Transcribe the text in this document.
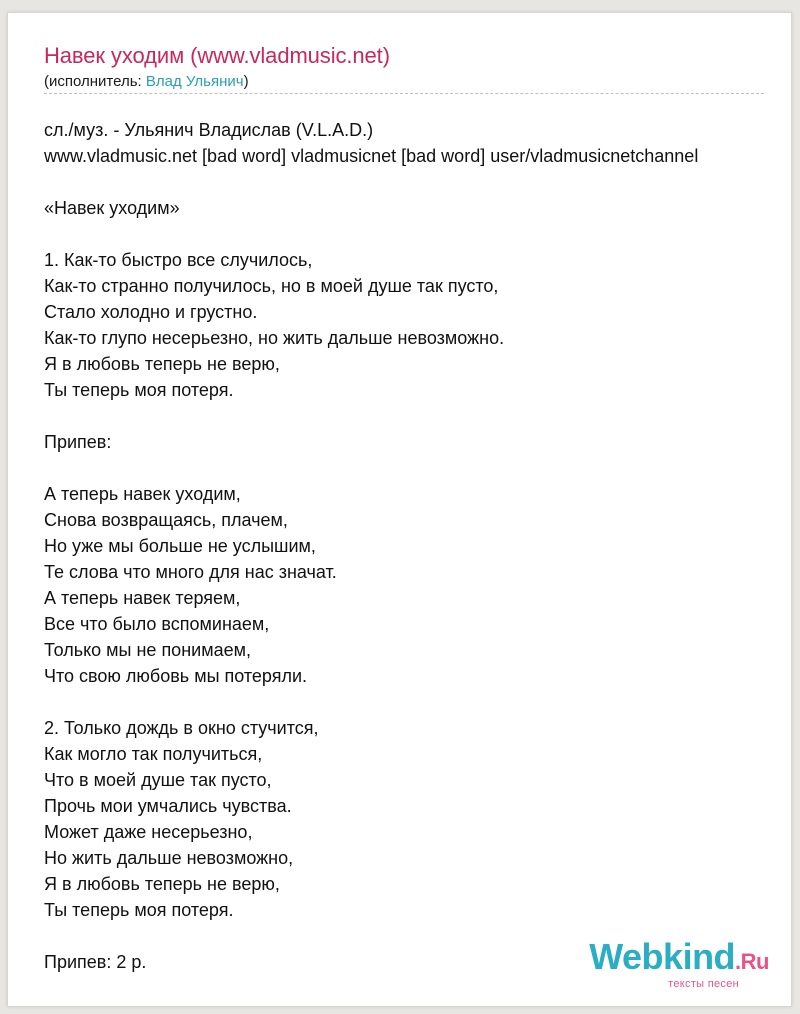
Навек уходим (www.vladmusic.net)
(исполнитель: Влад Ульянич)
сл./муз. - Ульянич Владислав (V.L.A.D.)
www.vladmusic.net [bad word] vladmusicnet [bad word] user/vladmusicnetchannel

«Навек уходим»

1. Как-то быстро все случилось,
Как-то странно получилось, но в моей душе так пусто,
Стало холодно и грустно.
Как-то глупо несерьезно, но жить дальше невозможно.
Я в любовь теперь не верю,
Ты теперь моя потеря.

Припев:

А теперь навек уходим,
Снова возвращаясь, плачем,
Но уже мы больше не услышим,
Те слова что много для нас значат.
А теперь навек теряем,
Все что было вспоминаем,
Только мы не понимаем,
Что свою любовь мы потеряли.

2. Только дождь в окно стучится,
Как могло так получиться,
Что в моей душе так пусто,
Прочь мои умчались чувства.
Может даже несерьезно,
Но жить дальше невозможно,
Я в любовь теперь не верю,
Ты теперь моя потеря.

Припев: 2 р.	Webkind.Ru
тексты песен
